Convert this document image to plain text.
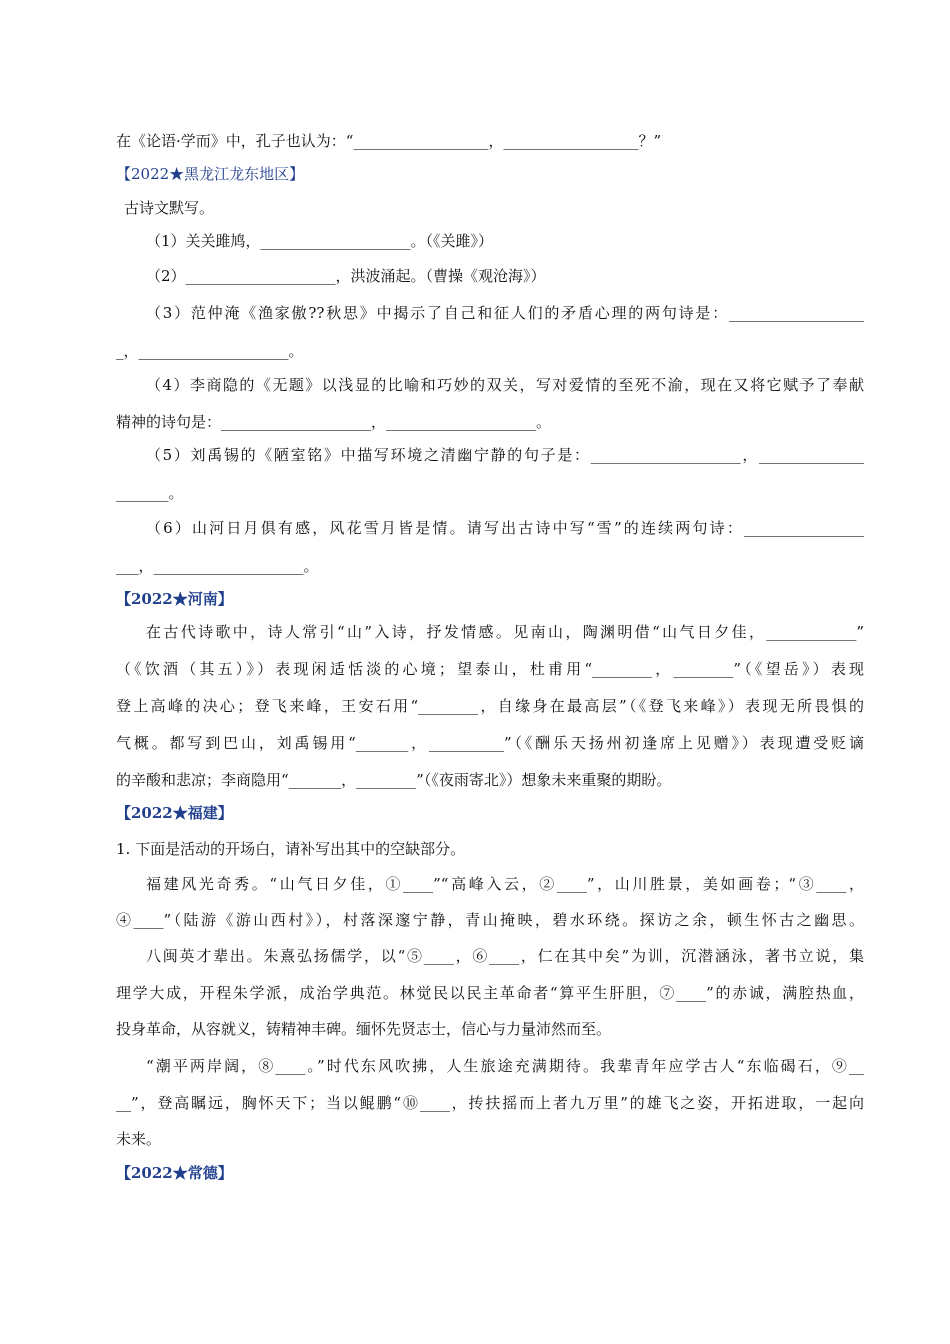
在《论语·学而》中，孔子也认为：“__________________，__________________？”
【2022★黑龙江龙东地区】
古诗文默写。
（1）关关雎鸠，____________________。（《关雎》）
（2）____________________，洪波涌起。（曹操《观沧海》）
（3）范仲淹《渔家傲??秋思》中揭示了自己和征人们的矛盾心理的两句诗是：__________________
_，____________________。
（4）李商隐的《无题》以浅显的比喻和巧妙的双关，写对爱情的至死不渝，现在又将它赋予了奉献
精神的诗句是：____________________，____________________。
（5）刘禹锡的《陋室铭》中描写环境之清幽宁静的句子是：____________________，______________
_______。
（6）山河日月俱有感，风花雪月皆是情。请写出古诗中写“雪”的连续两句诗：________________
___，____________________。
【2022★河南】
在古代诗歌中，诗人常引“山”入诗，抒发情感。见南山，陶渊明借“山气日夕佳，____________”
（《饮酒（其五）》）表现闲适恬淡的心境；望泰山，杜甫用“________，________”（《望岳》）表现
登上高峰的决心；登飞来峰，王安石用“________，自缘身在最高层”（《登飞来峰》）表现无所畏惧的
气概。都写到巴山，刘禹锡用“_______，__________”（《酬乐天扬州初逢席上见赠》）表现遭受贬谪
的辛酸和悲凉；李商隐用“_______，________”（《夜雨寄北》）想象未来重聚的期盼。
【2022★福建】
1. 下面是活动的开场白，请补写出其中的空缺部分。
福建风光奇秀。“山气日夕佳，①____”“高峰入云，②____”，山川胜景，美如画卷；“③____，
④____”（陆游《游山西村》），村落深邃宁静，青山掩映，碧水环绕。探访之余，顿生怀古之幽思。
八闽英才辈出。朱熹弘扬儒学，以“⑤____，⑥____，仁在其中矣”为训，沉潜涵泳，著书立说，集
理学大成，开程朱学派，成治学典范。林觉民以民主革命者“算平生肝胆，⑦____”的赤诚，满腔热血，
投身革命，从容就义，铸精神丰碑。缅怀先贤志士，信心与力量沛然而至。
“潮平两岸阔，⑧____。”时代东风吹拂，人生旅途充满期待。我辈青年应学古人“东临碣石，⑨__
__”，登高瞩远，胸怀天下；当以鲲鹏“⑩____，抟扶摇而上者九万里”的雄飞之姿，开拓进取，一起向
未来。
【2022★常德】
